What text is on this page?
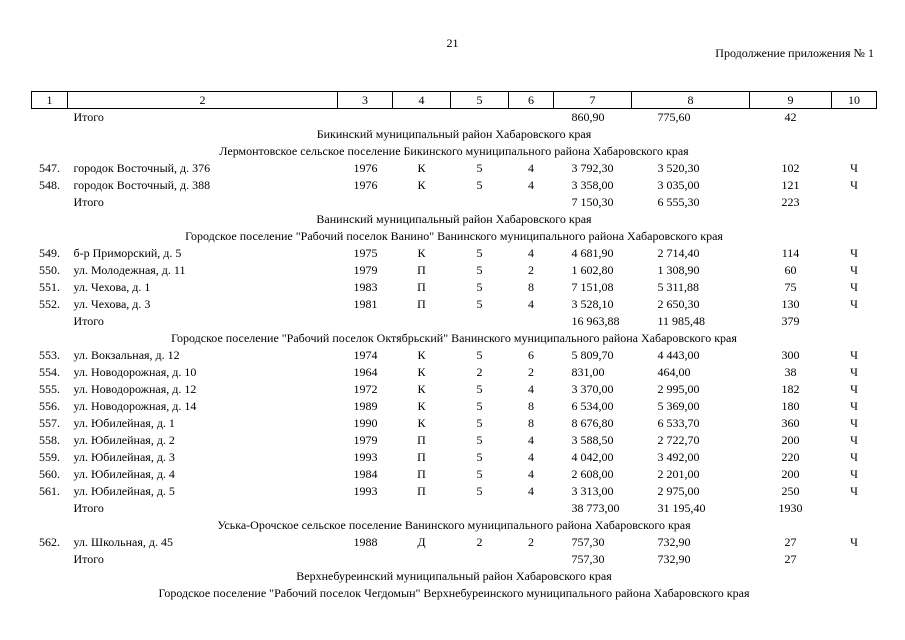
21
Продолжение приложения № 1
1	2	3	4	5	6	7	8	9	10
	Итого					860,90	775,60	42	
Бикинский муниципальный район Хабаровского края									
Лермонтовское сельское поселение Бикинского муниципального района Хабаровского края									
547.	городок Восточный, д. 376	1976	К	5	4	3 792,30	3 520,30	102	Ч
548.	городок Восточный, д. 388	1976	К	5	4	3 358,00	3 035,00	121	Ч
	Итого					7 150,30	6 555,30	223	
Ванинский муниципальный район Хабаровского края									
Городское поселение "Рабочий поселок Ванино" Ванинского муниципального района Хабаровского края									
549.	б-р Приморский, д. 5	1975	К	5	4	4 681,90	2 714,40	114	Ч
550.	ул. Молодежная, д. 11	1979	П	5	2	1 602,80	1 308,90	60	Ч
551.	ул. Чехова, д. 1	1983	П	5	8	7 151,08	5 311,88	75	Ч
552.	ул. Чехова, д. 3	1981	П	5	4	3 528,10	2 650,30	130	Ч
	Итого					16 963,88	11 985,48	379	
Городское поселение "Рабочий поселок Октябрьский" Ванинского муниципального района Хабаровского края									
553.	ул. Вокзальная, д. 12	1974	К	5	6	5 809,70	4 443,00	300	Ч
554.	ул. Новодорожная, д. 10	1964	К	2	2	831,00	464,00	38	Ч
555.	ул. Новодорожная, д. 12	1972	К	5	4	3 370,00	2 995,00	182	Ч
556.	ул. Новодорожная, д. 14	1989	К	5	8	6 534,00	5 369,00	180	Ч
557.	ул. Юбилейная, д. 1	1990	К	5	8	8 676,80	6 533,70	360	Ч
558.	ул. Юбилейная, д. 2	1979	П	5	4	3 588,50	2 722,70	200	Ч
559.	ул. Юбилейная, д. 3	1993	П	5	4	4 042,00	3 492,00	220	Ч
560.	ул. Юбилейная, д. 4	1984	П	5	4	2 608,00	2 201,00	200	Ч
561.	ул. Юбилейная, д. 5	1993	П	5	4	3 313,00	2 975,00	250	Ч
	Итого					38 773,00	31 195,40	1930	
Уська-Орочское сельское поселение Ванинского муниципального района Хабаровского края									
562.	ул. Школьная, д. 45	1988	Д	2	2	757,30	732,90	27	Ч
	Итого					757,30	732,90	27	
Верхнебуреинский муниципальный район Хабаровского края									
Городское поселение "Рабочий поселок Чегдомын" Верхнебуреинского муниципального района Хабаровского края									
